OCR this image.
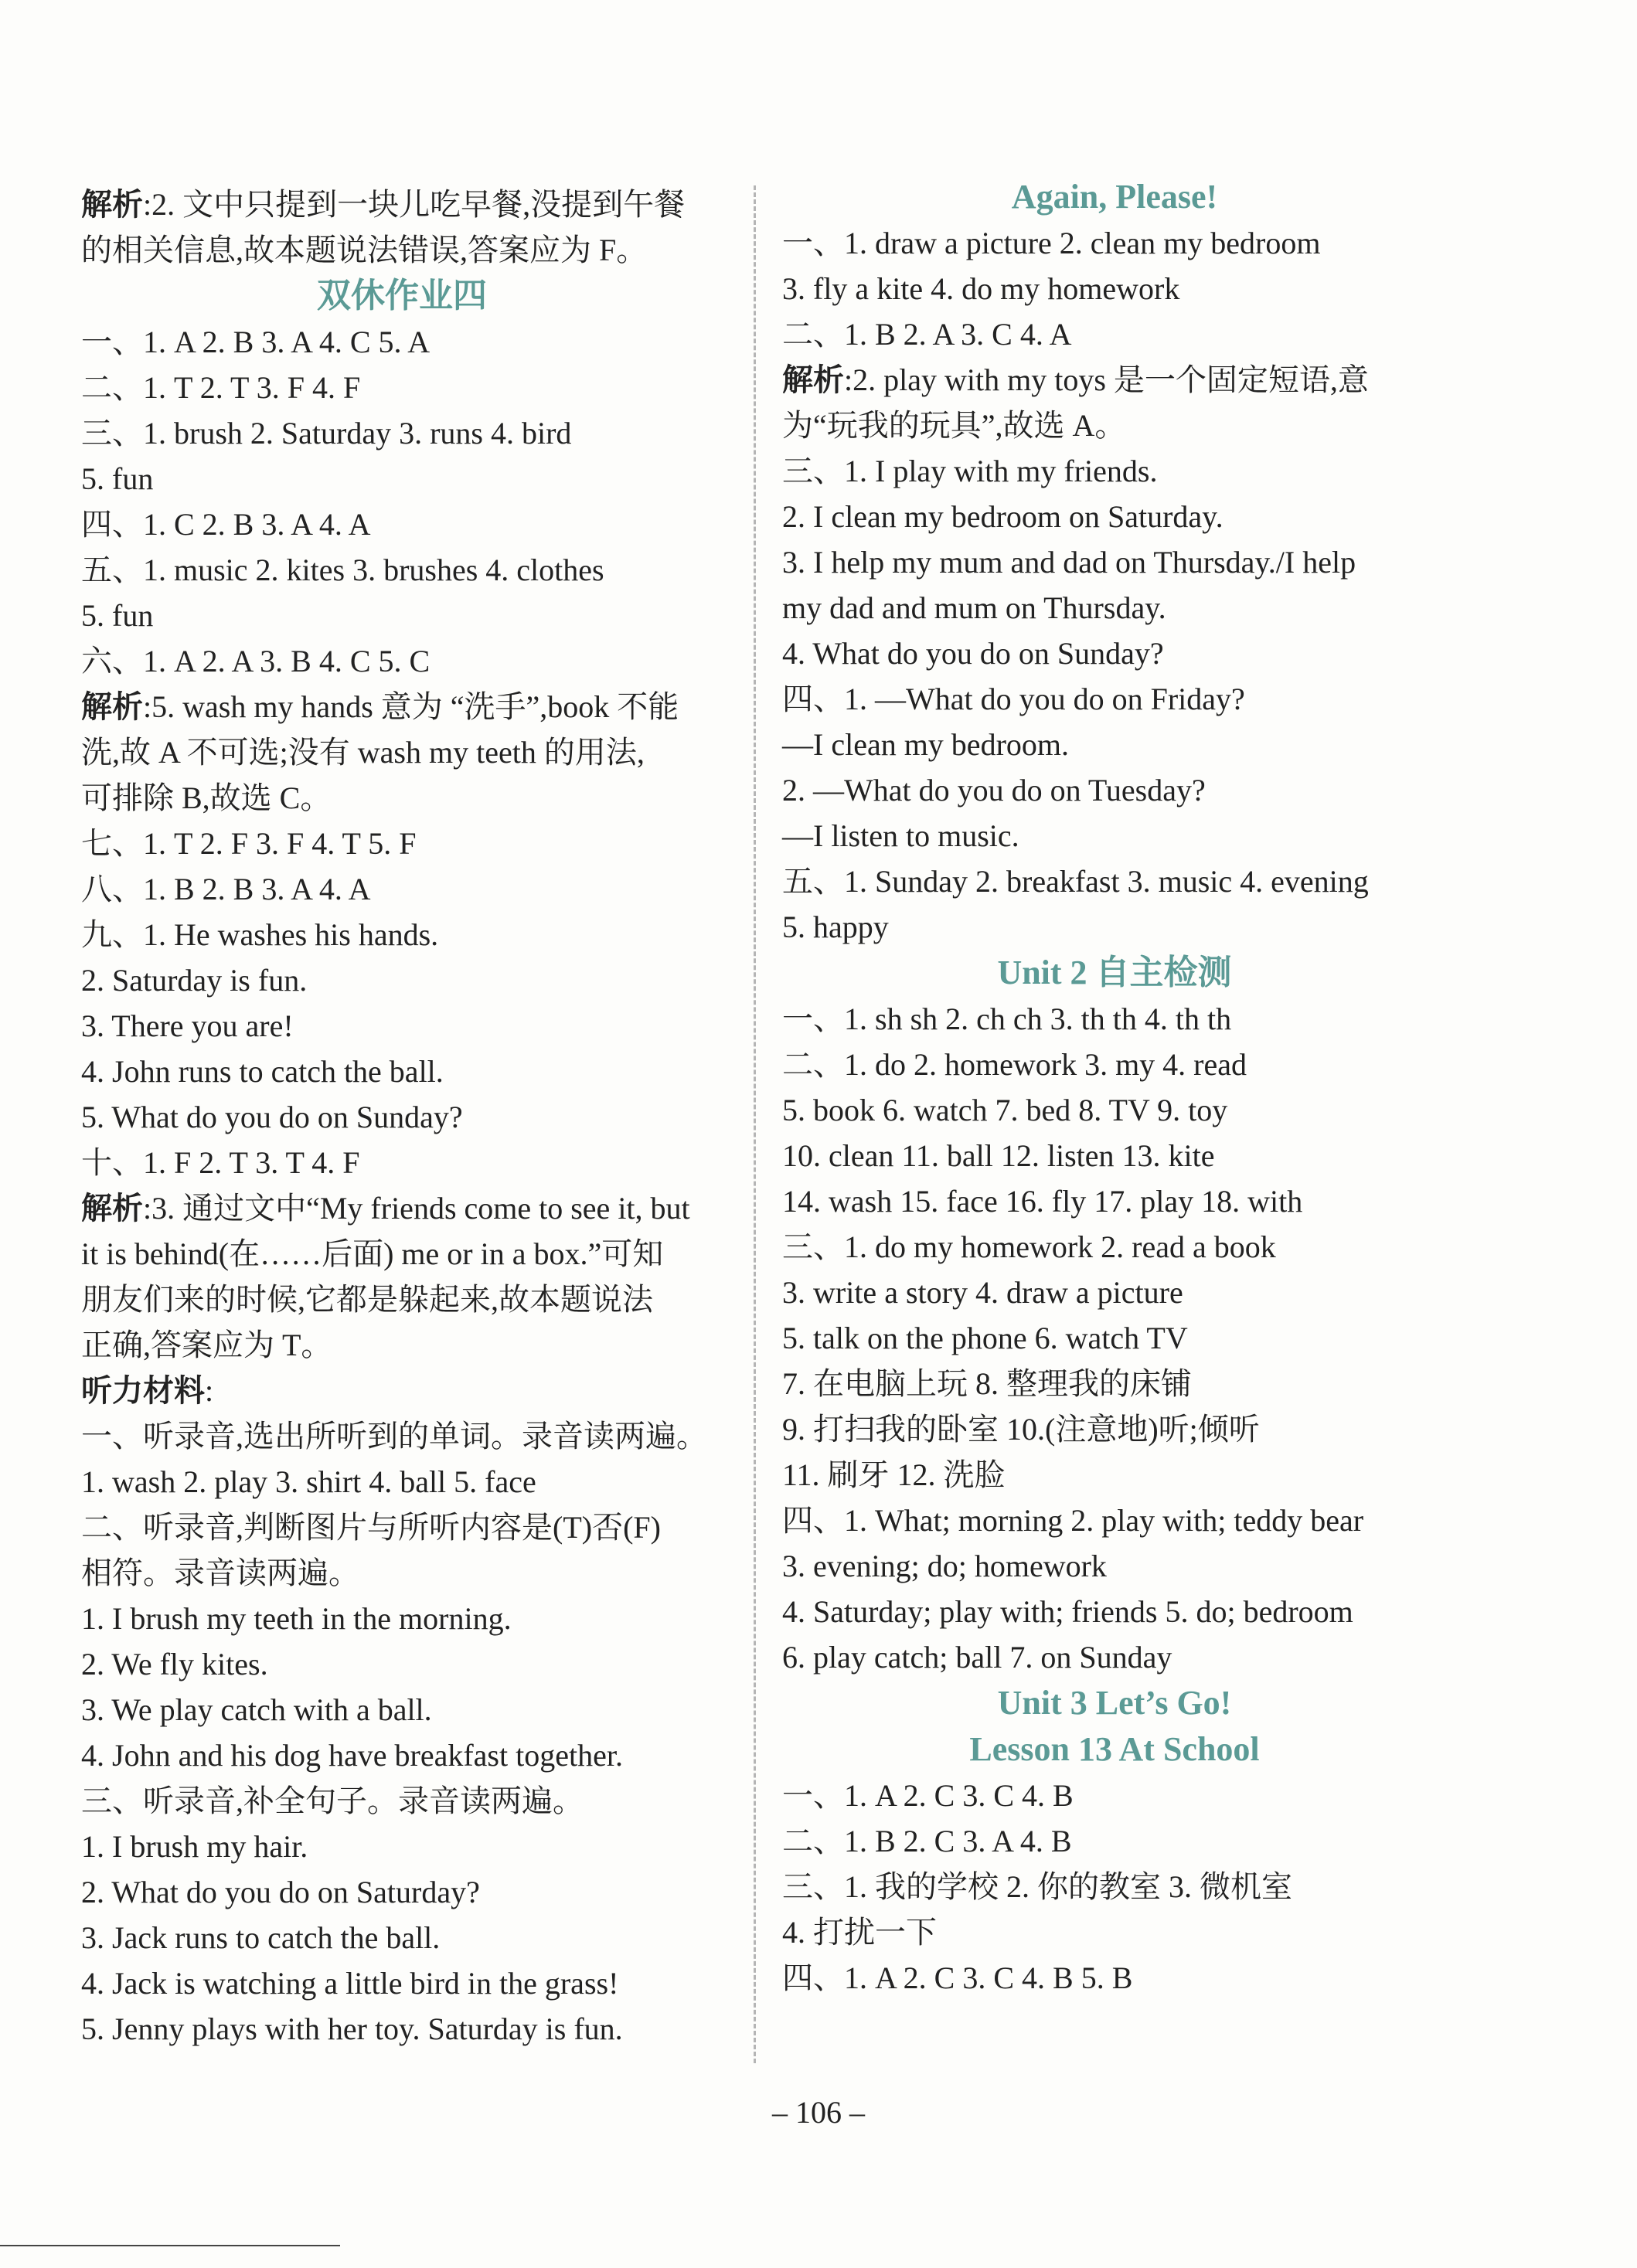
解析:2. 文中只提到一块儿吃早餐,没提到午餐
的相关信息,故本题说法错误,答案应为 F。
双休作业四
一、1. A 2. B 3. A 4. C 5. A
二、1. T 2. T 3. F 4. F
三、1. brush 2. Saturday 3. runs 4. bird
5. fun
四、1. C 2. B 3. A 4. A
五、1. music 2. kites 3. brushes 4. clothes
5. fun
六、1. A 2. A 3. B 4. C 5. C
解析:5. wash my hands 意为 “洗手”,book 不能
洗,故 A 不可选;没有 wash my teeth 的用法,
可排除 B,故选 C。
七、1. T 2. F 3. F 4. T 5. F
八、1. B 2. B 3. A 4. A
九、1. He washes his hands.
2. Saturday is fun.
3. There you are!
4. John runs to catch the ball.
5. What do you do on Sunday?
十、1. F 2. T 3. T 4. F
解析:3. 通过文中“My friends come to see it, but
it is behind(在……后面) me or in a box.”可知
朋友们来的时候,它都是躲起来,故本题说法
正确,答案应为 T。
听力材料:
一、听录音,选出所听到的单词。录音读两遍。
1. wash 2. play 3. shirt 4. ball 5. face
二、听录音,判断图片与所听内容是(T)否(F)
相符。录音读两遍。
1. I brush my teeth in the morning.
2. We fly kites.
3. We play catch with a ball.
4. John and his dog have breakfast together.
三、听录音,补全句子。录音读两遍。
1. I brush my hair.
2. What do you do on Saturday?
3. Jack runs to catch the ball.
4. Jack is watching a little bird in the grass!
5. Jenny plays with her toy. Saturday is fun.
Again, Please!
一、1. draw a picture 2. clean my bedroom
3. fly a kite 4. do my homework
二、1. B 2. A 3. C 4. A
解析:2. play with my toys 是一个固定短语,意
为“玩我的玩具”,故选 A。
三、1. I play with my friends.
2. I clean my bedroom on Saturday.
3. I help my mum and dad on Thursday./I help
my dad and mum on Thursday.
4. What do you do on Sunday?
四、1. —What do you do on Friday?
—I clean my bedroom.
2. —What do you do on Tuesday?
—I listen to music.
五、1. Sunday 2. breakfast 3. music 4. evening
5. happy
Unit 2 自主检测
一、1. sh sh 2. ch ch 3. th th 4. th th
二、1. do 2. homework 3. my 4. read
5. book 6. watch 7. bed 8. TV 9. toy
10. clean 11. ball 12. listen 13. kite
14. wash 15. face 16. fly 17. play 18. with
三、1. do my homework 2. read a book
3. write a story 4. draw a picture
5. talk on the phone 6. watch TV
7. 在电脑上玩 8. 整理我的床铺
9. 打扫我的卧室 10.(注意地)听;倾听
11. 刷牙 12. 洗脸
四、1. What; morning 2. play with; teddy bear
3. evening; do; homework
4. Saturday; play with; friends 5. do; bedroom
6. play catch; ball 7. on Sunday
Unit 3 Let’s Go!
Lesson 13 At School
一、1. A 2. C 3. C 4. B
二、1. B 2. C 3. A 4. B
三、1. 我的学校 2. 你的教室 3. 微机室
4. 打扰一下
四、1. A 2. C 3. C 4. B 5. B
– 106 –
